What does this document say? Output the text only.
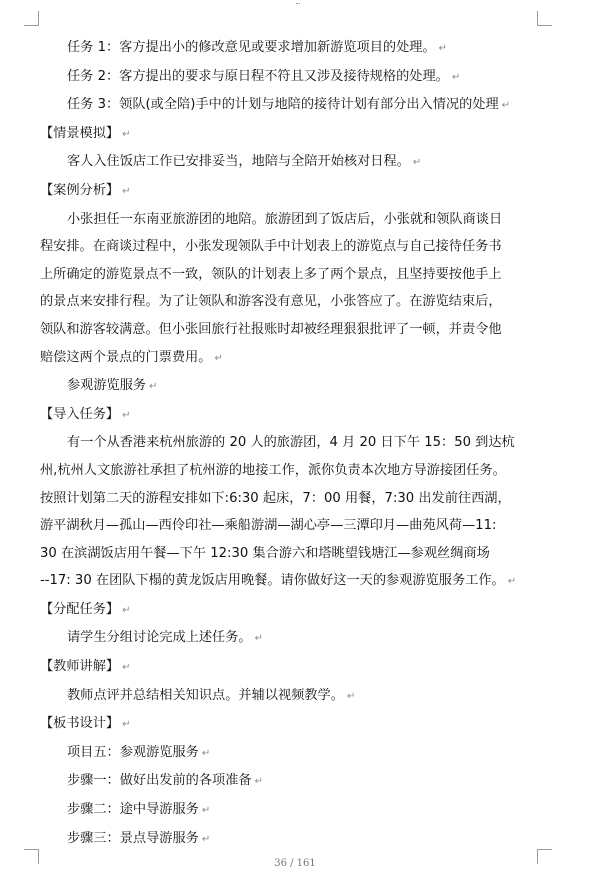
任务 1：客方提出小的修改意见或要求增加新游览项目的处理。 ↵
任务 2：客方提出的要求与原日程不符且又涉及接待规格的处理。 ↵
任务 3：领队(或全陪)手中的计划与地陪的接待计划有部分出入情况的处理 ↵
【情景模拟】 ↵
客人入住饭店工作已安排妥当，地陪与全陪开始核对日程。 ↵
【案例分析】 ↵
小张担任一东南亚旅游团的地陪。旅游团到了饭店后，小张就和领队商谈日
程安排。在商谈过程中，小张发现领队手中计划表上的游览点与自己接待任务书
上所确定的游览景点不一致，领队的计划表上多了两个景点，且坚持要按他手上
的景点来安排行程。为了让领队和游客没有意见，小张答应了。在游览结束后，
领队和游客较满意。但小张回旅行社报账时却被经理狠狠批评了一顿，并责令他
赔偿这两个景点的门票费用。 ↵
参观游览服务 ↵
【导入任务】 ↵
有一个从香港来杭州旅游的 20 人的旅游团，4 月 20 日下午 15：50 到达杭
州,杭州人文旅游社承担了杭州游的地接工作，派你负责本次地方导游接团任务。
按照计划第二天的游程安排如下:6:30 起床，7：00 用餐，7:30 出发前往西湖，
游平湖秋月—孤山—西伶印社—乘船游湖—湖心亭—三潭印月—曲苑风荷—11:
30 在滨湖饭店用午餐—下午 12:30 集合游六和塔眺望钱塘江—参观丝绸商场
--17: 30 在团队下榻的黄龙饭店用晚餐。请你做好这一天的参观游览服务工作。 ↵
【分配任务】 ↵
请学生分组讨论完成上述任务。 ↵
【教师讲解】 ↵
教师点评并总结相关知识点。并辅以视频教学。 ↵
【板书设计】 ↵
项目五：参观游览服务 ↵
步骤一：做好出发前的各项准备 ↵
步骤二：途中导游服务 ↵
步骤三：景点导游服务 ↵
36 / 161
